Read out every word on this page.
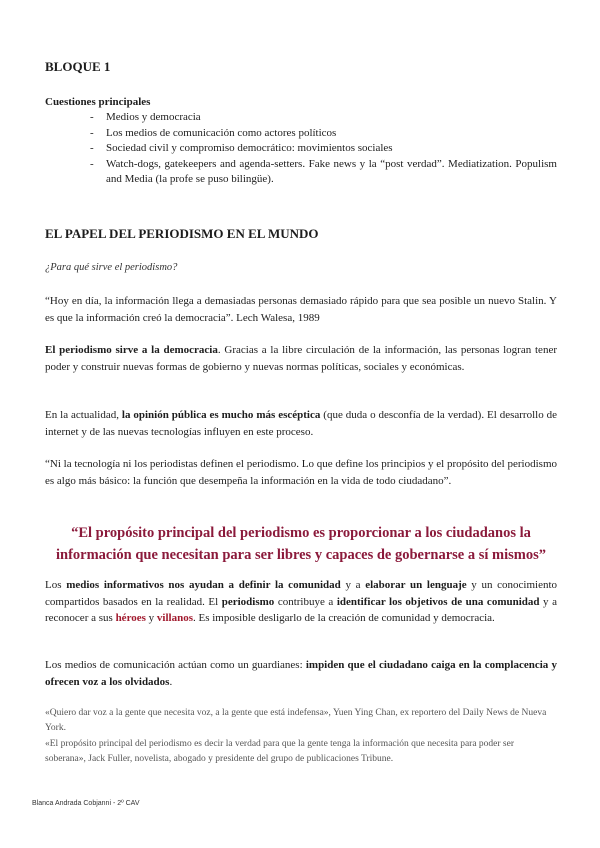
BLOQUE 1
Cuestiones principales
- Medios y democracia
- Los medios de comunicación como actores políticos
- Sociedad civil y compromiso democrático: movimientos sociales
- Watch-dogs, gatekeepers and agenda-setters. Fake news y la “post verdad”. Mediatization. Populism and Media (la profe se puso bilingüe).
EL PAPEL DEL PERIODISMO EN EL MUNDO
¿Para qué sirve el periodismo?

“Hoy en día, la información llega a demasiadas personas demasiado rápido para que sea posible un nuevo Stalin. Y es que la información creó la democracia”. Lech Walesa, 1989

El periodismo sirve a la democracia. Gracias a la libre circulación de la información, las personas logran tener poder y construir nuevas formas de gobierno y nuevas normas políticas, sociales y económicas.

En la actualidad, la opinión pública es mucho más escéptica (que duda o desconfía de la verdad). El desarrollo de internet y de las nuevas tecnologías influyen en este proceso.

“Ni la tecnología ni los periodistas definen el periodismo. Lo que define los principios y el propósito del periodismo es algo más básico: la función que desempeña la información en la vida de todo ciudadano”.

“El propósito principal del periodismo es proporcionar a los ciudadanos la información que necesitan para ser libres y capaces de gobernarse a sí mismos”

Los medios informativos nos ayudan a definir la comunidad y a elaborar un lenguaje y un conocimiento compartidos basados en la realidad. El periodismo contribuye a identificar los objetivos de una comunidad y a reconocer a sus héroes y villanos. Es imposible desligarlo de la creación de comunidad y democracia.

Los medios de comunicación actúan como un guardianes: impiden que el ciudadano caiga en la complacencia y ofrecen voz a los olvidados.

«Quiero dar voz a la gente que necesita voz, a la gente que está indefensa», Yuen Ying Chan, ex reportero del Daily News de Nueva York.

«El propósito principal del periodismo es decir la verdad para que la gente tenga la información que necesita para poder ser soberana», Jack Fuller, novelista, abogado y presidente del grupo de publicaciones Tribune.

Blanca Andrada Cobjanni - 2º CAV
